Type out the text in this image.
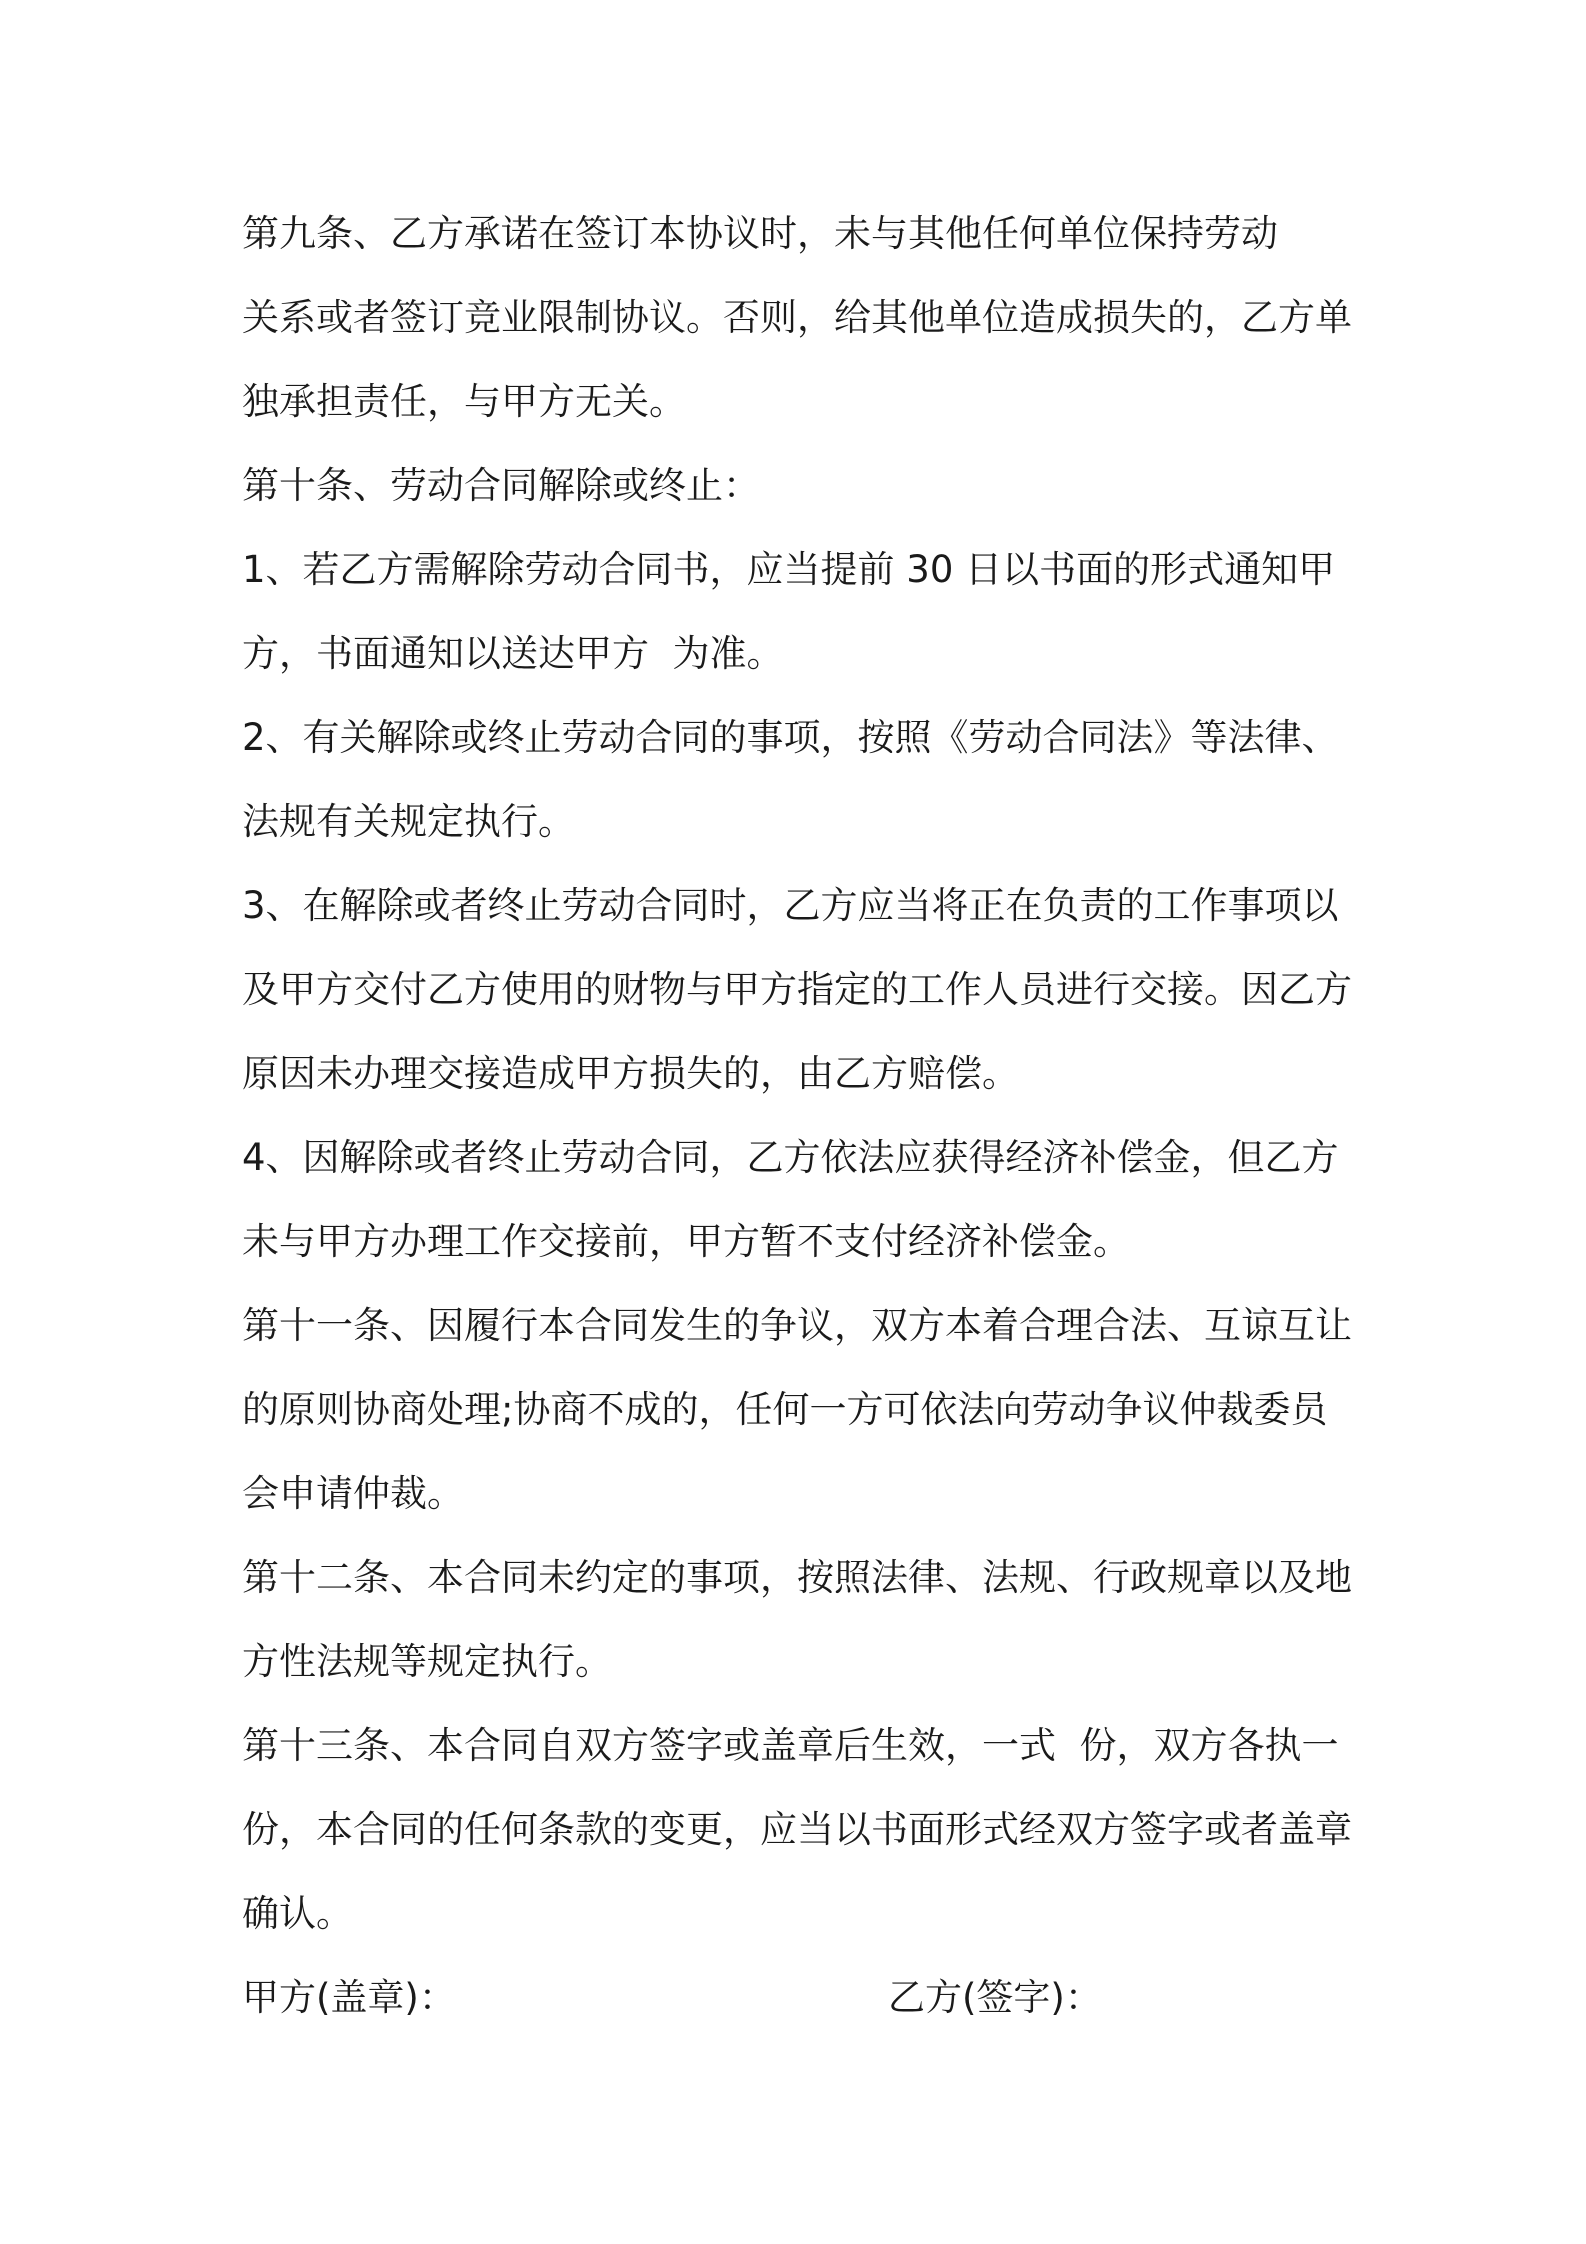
第九条、乙方承诺在签订本协议时，未与其他任何单位保持劳动
关系或者签订竞业限制协议。否则，给其他单位造成损失的，乙方单
独承担责任，与甲方无关。
第十条、劳动合同解除或终止：
1、若乙方需解除劳动合同书，应当提前 30 日以书面的形式通知甲
方，书面通知以送达甲方  为准。
2、有关解除或终止劳动合同的事项，按照《劳动合同法》等法律、
法规有关规定执行。
3、在解除或者终止劳动合同时，乙方应当将正在负责的工作事项以
及甲方交付乙方使用的财物与甲方指定的工作人员进行交接。因乙方
原因未办理交接造成甲方损失的，由乙方赔偿。
4、因解除或者终止劳动合同，乙方依法应获得经济补偿金，但乙方
未与甲方办理工作交接前，甲方暂不支付经济补偿金。
第十一条、因履行本合同发生的争议，双方本着合理合法、互谅互让
的原则协商处理;协商不成的，任何一方可依法向劳动争议仲裁委员
会申请仲裁。
第十二条、本合同未约定的事项，按照法律、法规、行政规章以及地
方性法规等规定执行。
第十三条、本合同自双方签字或盖章后生效，一式  份，双方各执一
份，本合同的任何条款的变更，应当以书面形式经双方签字或者盖章
确认。
甲方(盖章)：	乙方(签字)：
